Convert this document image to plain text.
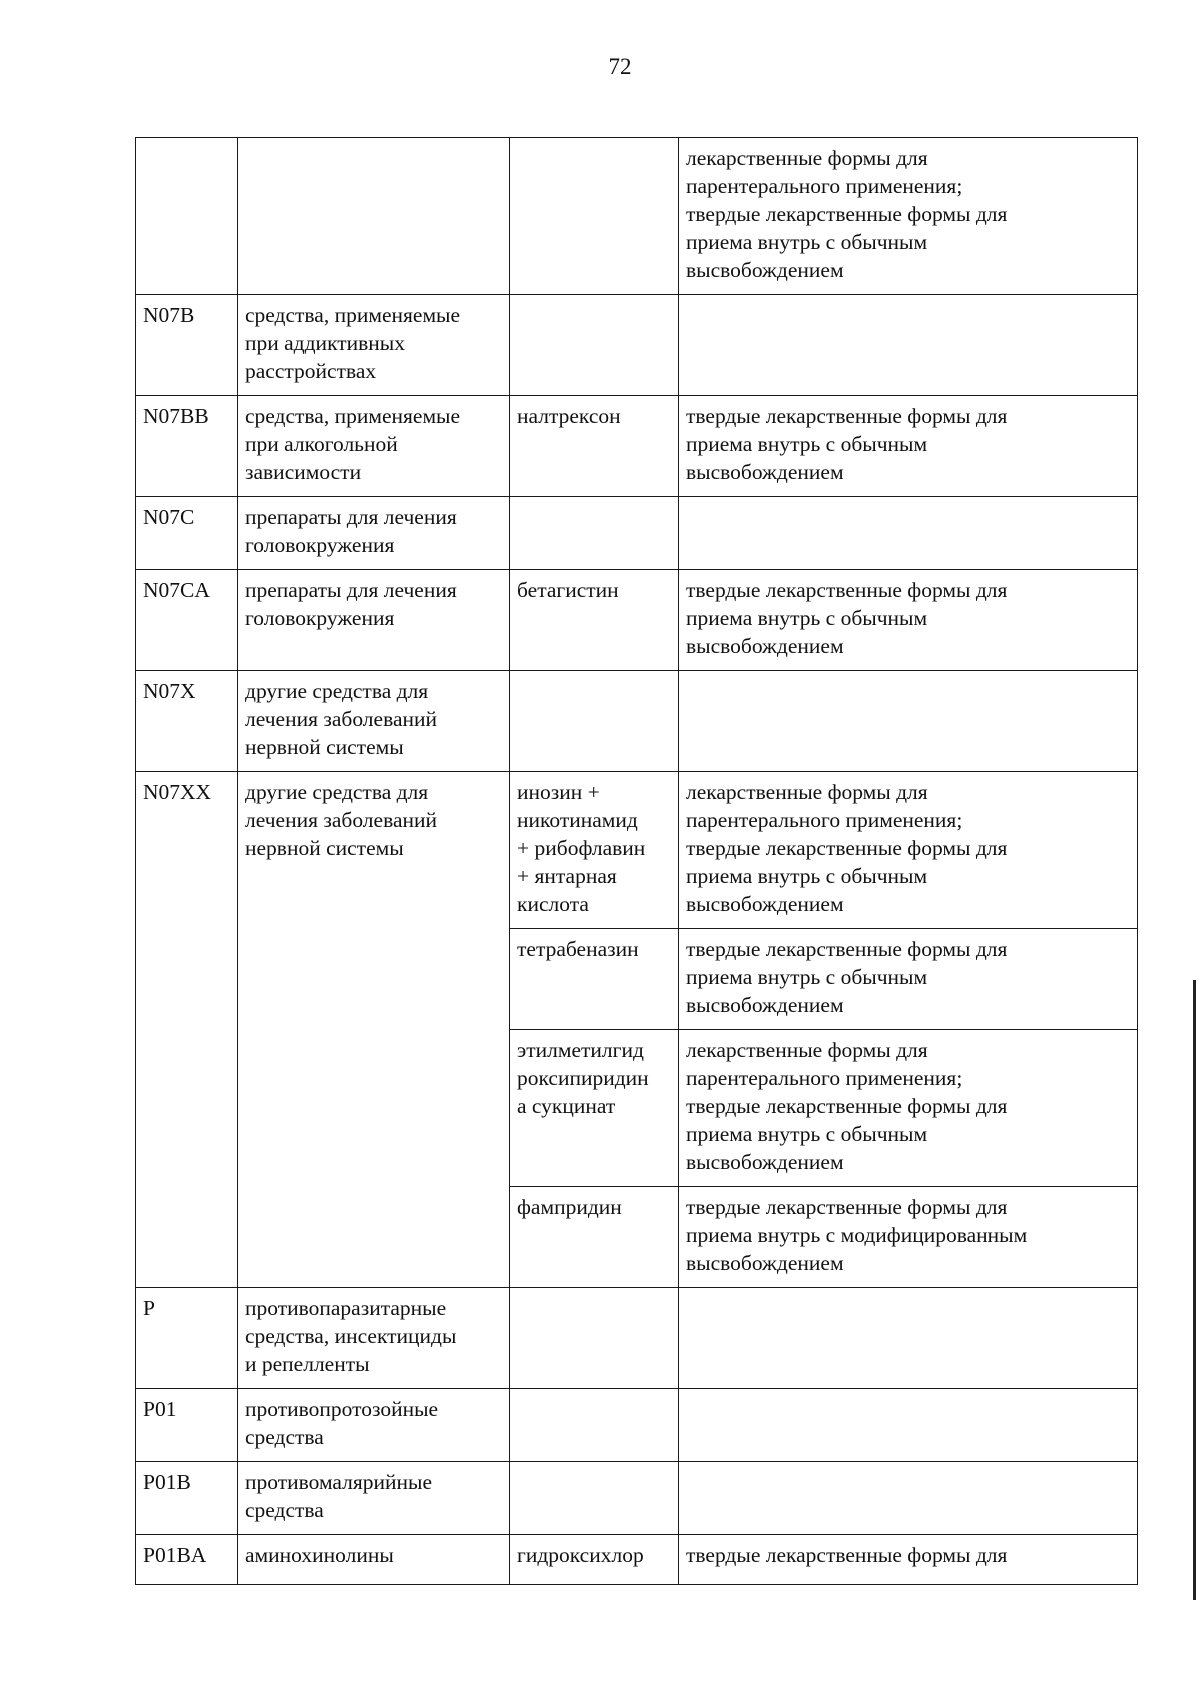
72
			лекарственные формы для
парентерального применения;
твердые лекарственные формы для
приема внутрь с обычным
высвобождением
N07B	средства, применяемые
при аддиктивных
расстройствах		
N07BB	средства, применяемые
при алкогольной
зависимости	налтрексон	твердые лекарственные формы для
приема внутрь с обычным
высвобождением
N07C	препараты для лечения
головокружения		
N07CA	препараты для лечения
головокружения	бетагистин	твердые лекарственные формы для
приема внутрь с обычным
высвобождением
N07X	другие средства для
лечения заболеваний
нервной системы		
N07XX	другие средства для
лечения заболеваний
нервной системы	инозин +
никотинамид
+ рибофлавин
+ янтарная
кислота	лекарственные формы для
парентерального применения;
твердые лекарственные формы для
приема внутрь с обычным
высвобождением
		тетрабеназин	твердые лекарственные формы для
приема внутрь с обычным
высвобождением
		этилметилгид
роксипиридин
а сукцинат	лекарственные формы для
парентерального применения;
твердые лекарственные формы для
приема внутрь с обычным
высвобождением
		фампридин	твердые лекарственные формы для
приема внутрь с модифицированным
высвобождением
P	противопаразитарные
средства, инсектициды
и репелленты		
P01	противопротозойные
средства		
P01B	противомалярийные
средства		
P01BA	аминохинолины	гидроксихлор	твердые лекарственные формы для
